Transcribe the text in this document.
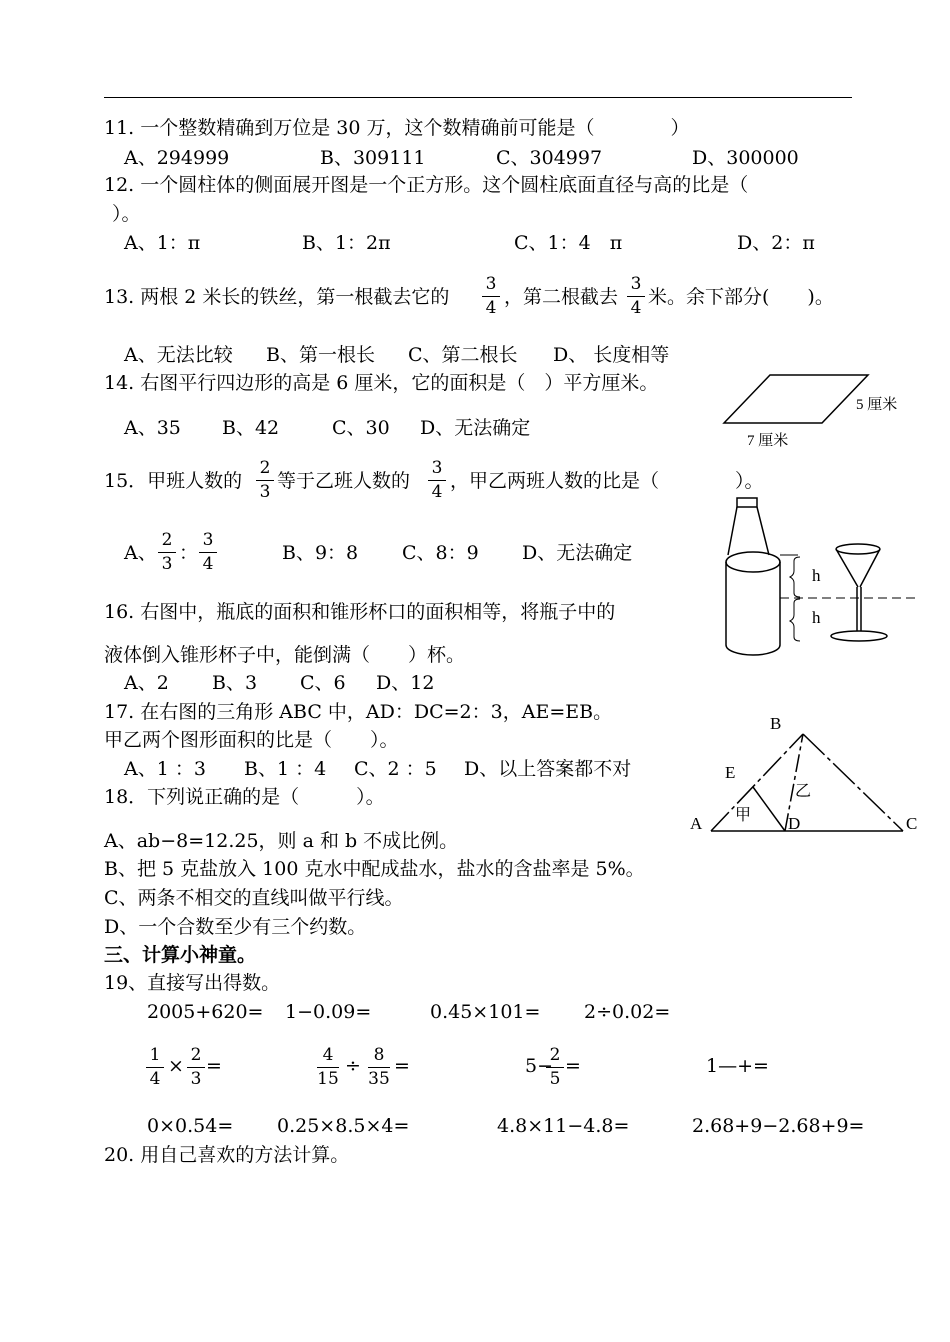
11. 一个整数精确到万位是 30 万，这个数精确前可能是（　　　　）
A、294999	B、309111	C、304997	D、300000
12. 一个圆柱体的侧面展开图是一个正方形。这个圆柱底面直径与高的比是（
）。
A、1：π	B、1：2π	C、1：4　π	D、2：π
13. 两根 2 米长的铁丝，第一根截去它的
3
4 ，第二根截去
3
4 米。余下部分(　　)。
A、无法比较 B、第一根长 C、第二根长 D、 长度相等
14. 右图平行四边形的高是 6 厘米，它的面积是（　）平方厘米。
A、35 B、42	C、30 D、无法确定
5 厘米
7 厘米
15．甲班人数的
2
3 等于乙班人数的
3
4 ，甲乙两班人数的比是（　　　　）。
A、
2
3 ：
3
4	B、9：8 C、8：9 D、无法确定
h
h
16. 右图中，瓶底的面积和锥形杯口的面积相等，将瓶子中的
液体倒入锥形杯子中，能倒满（　　）杯。
A、2 B、3 C、6 D、12
17. 在右图的三角形 ABC 中，AD：DC=2：3，AE=EB。
甲乙两个图形面积的比是（　　）。
A、1 ：3 B、1 ：4 C、2 ：5 D、以上答案都不对
B
E
A	D	C
甲
乙
18．下列说正确的是（　　　）。
A、ab−8=12.25，则 a 和 b 不成比例。
B、把 5 克盐放入 100 克水中配成盐水，盐水的含盐率是 5%。
C、两条不相交的直线叫做平行线。
D、一个合数至少有三个约数。
三、计算小神童。
19、直接写出得数。
2005+620= 1−0.09=	0.45×101= 2÷0.02=
1
4
× 2
3
=	4
15
÷ 8
35
=	5−
2
5
=	1—+=
0×0.54= 0.25×8.5×4=	4.8×11−4.8=	2.68+9−2.68+9=
20. 用自己喜欢的方法计算。
